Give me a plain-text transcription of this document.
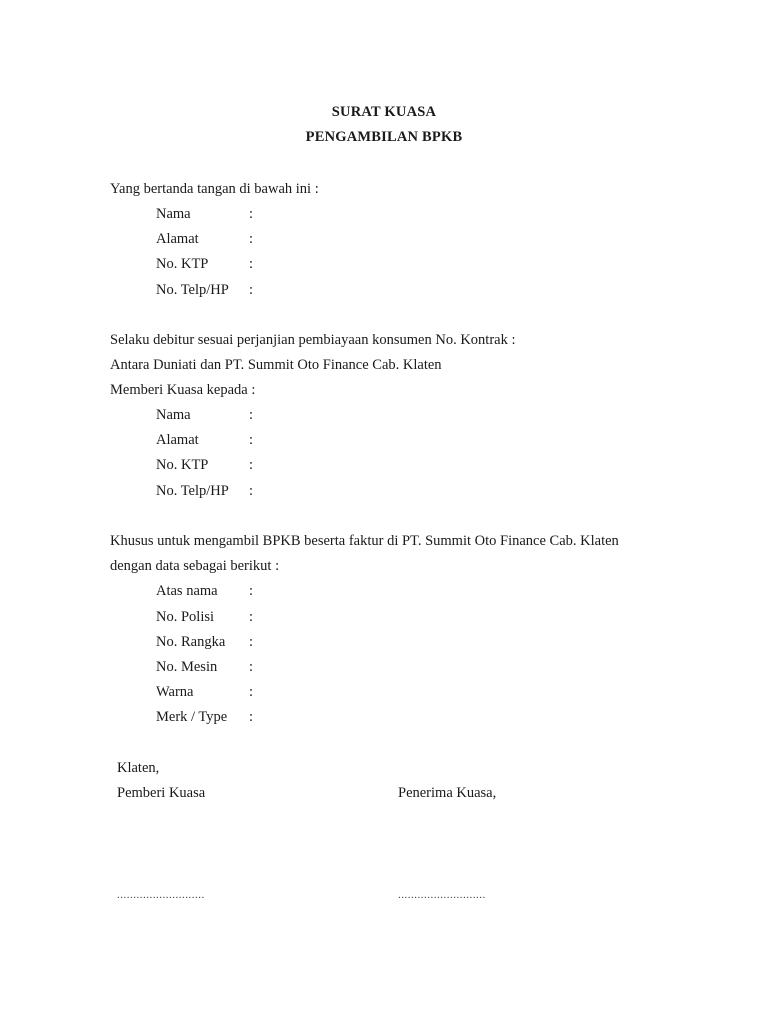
SURAT KUASA
PENGAMBILAN BPKB
Yang bertanda tangan di bawah ini :
Nama	:
Alamat	:
No. KTP	:
No. Telp/HP :
Selaku debitur sesuai perjanjian pembiayaan konsumen No. Kontrak :
Antara Duniati dan PT. Summit Oto Finance Cab. Klaten
Memberi Kuasa kepada :
Nama	:
Alamat	:
No. KTP	:
No. Telp/HP :
Khusus untuk mengambil BPKB beserta faktur di PT. Summit Oto Finance Cab. Klaten
dengan data sebagai berikut :
Atas nama :
No. Polisi :
No. Rangka :
No. Mesin :
Warna	:
Merk / Type :
Klaten,
Pemberi Kuasa	Penerima Kuasa,
...........................	...........................
